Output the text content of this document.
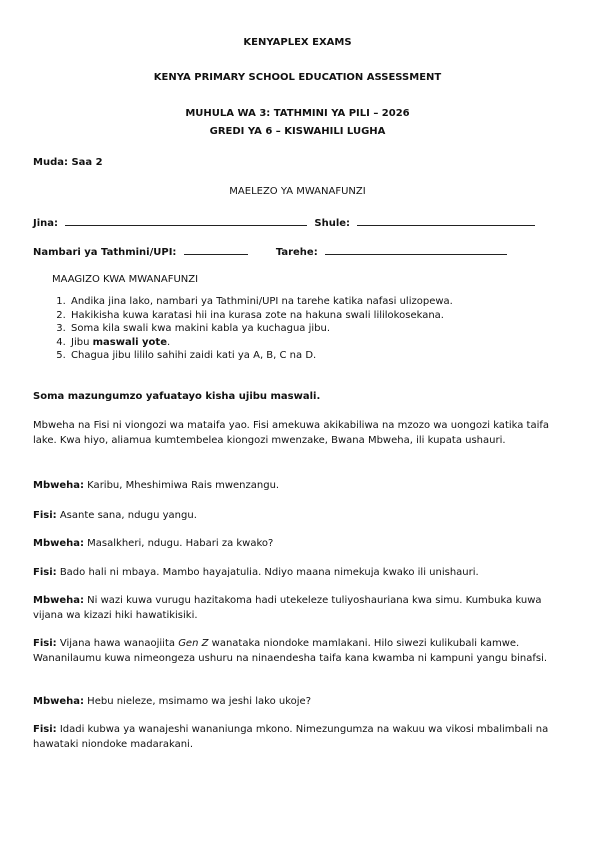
KENYAPLEX EXAMS
KENYA PRIMARY SCHOOL EDUCATION ASSESSMENT
MUHULA WA 3: TATHMINI YA PILI – 2026
GREDI YA 6 – KISWAHILI LUGHA
Muda: Saa 2
MAELEZO YA MWANAFUNZI
Jina:	Shule:
Nambari ya Tathmini/UPI:	Tarehe:
MAAGIZO KWA MWANAFUNZI
1. Andika jina lako, nambari ya Tathmini/UPI na tarehe katika nafasi ulizopewa.
2. Hakikisha kuwa karatasi hii ina kurasa zote na hakuna swali lililokosekana.
3. Soma kila swali kwa makini kabla ya kuchagua jibu.
4. Jibu maswali yote.
5. Chagua jibu lililo sahihi zaidi kati ya A, B, C na D.
Soma mazungumzo yafuatayo kisha ujibu maswali.
Mbweha na Fisi ni viongozi wa mataifa yao. Fisi amekuwa akikabiliwa na mzozo wa uongozi katika taifa lake. Kwa hiyo, aliamua kumtembelea kiongozi mwenzake, Bwana Mbweha, ili kupata ushauri.
Mbweha: Karibu, Mheshimiwa Rais mwenzangu.
Fisi: Asante sana, ndugu yangu.
Mbweha: Masalkheri, ndugu. Habari za kwako?
Fisi: Bado hali ni mbaya. Mambo hayajatulia. Ndiyo maana nimekuja kwako ili unishauri.
Mbweha: Ni wazi kuwa vurugu hazitakoma hadi utekeleze tuliyoshauriana kwa simu. Kumbuka kuwa vijana wa kizazi hiki hawatikisiki.
Fisi: Vijana hawa wanaojiita Gen Z wanataka niondoke mamlakani. Hilo siwezi kulikubali kamwe. Wananilaumu kuwa nimeongeza ushuru na ninaendesha taifa kana kwamba ni kampuni yangu binafsi.
Mbweha: Hebu nieleze, msimamo wa jeshi lako ukoje?
Fisi: Idadi kubwa ya wanajeshi wananiunga mkono. Nimezungumza na wakuu wa vikosi mbalimbali na hawataki niondoke madarakani.
